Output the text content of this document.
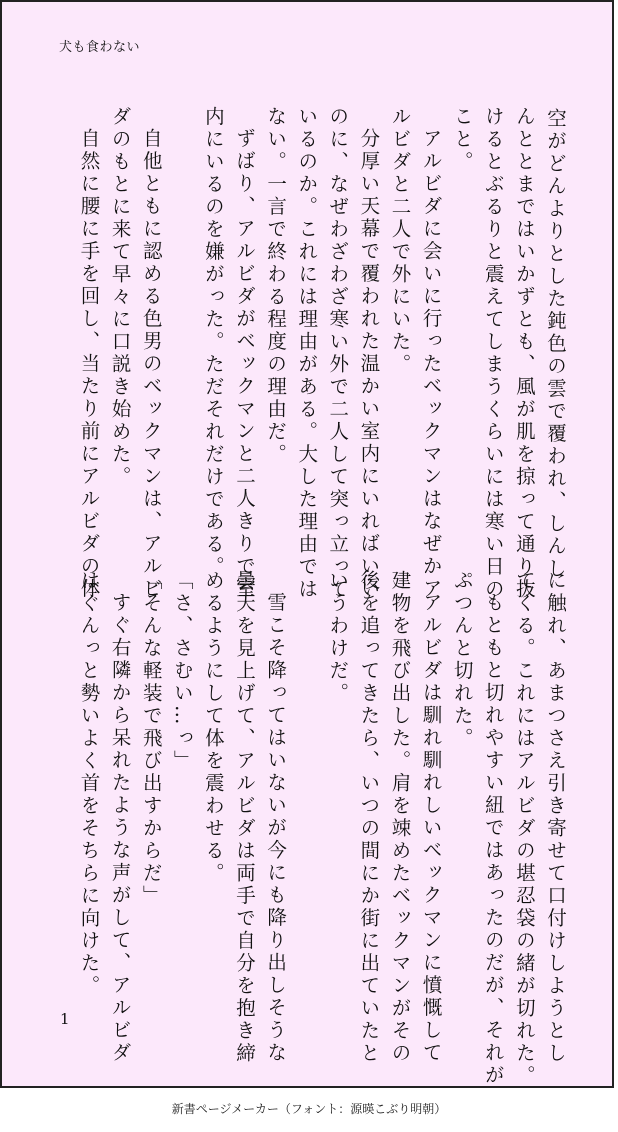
犬も食わない
空がどんよりとした鈍色の雲で覆われ、しんし
んととまではいかずとも、風が肌を掠って通り抜
けるとぶるりと震えてしまうくらいには寒い日の
こと。
アルビダに会いに行ったベックマンはなぜかア
ルビダと二人で外にいた。
分厚い天幕で覆われた温かい室内にいればいい
のに、なぜわざわざ寒い外で二人して突っ立って
いるのか。これには理由がある。大した理由では
ない。一言で終わる程度の理由だ。
ずばり、アルビダがベックマンと二人きりで室
内にいるのを嫌がった。ただそれだけである。
自他ともに認める色男のベックマンは、アルビ
ダのもとに来て早々に口説き始めた。
自然に腰に手を回し、当たり前にアルビダの体
に触れ、あまつさえ引き寄せて口付けしようとし
てくる。これにはアルビダの堪忍袋の緒が切れた。
もともと切れやすい紐ではあったのだが、それが
ぷつんと切れた。
アルビダは馴れ馴れしいベックマンに憤慨して
建物を飛び出した。肩を竦めたベックマンがその
後を追ってきたら、いつの間にか街に出ていたと
いうわけだ。
雪こそ降ってはいないが今にも降り出しそうな
曇天を見上げて、アルビダは両手で自分を抱き締
めるようにして体を震わせる。
「さ、さむい…っ」
「そんな軽装で飛び出すからだ」
すぐ右隣から呆れたような声がして、アルビダ
はぐんっと勢いよく首をそちらに向けた。
1
新書ページメーカー（フォント：源暎こぶり明朝）
